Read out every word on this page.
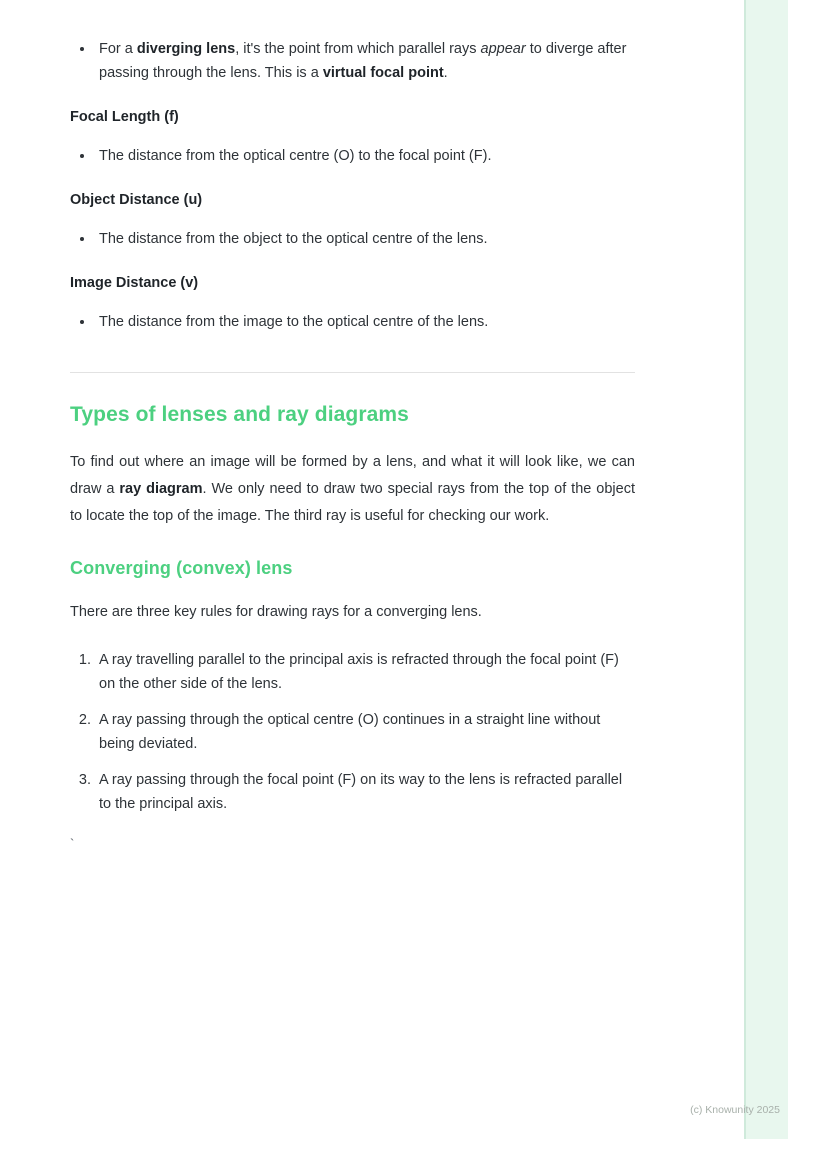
• For a diverging lens, it's the point from which parallel rays appear to diverge after passing through the lens. This is a virtual focal point.

Focal Length (f)

• The distance from the optical centre (O) to the focal point (F).

Object Distance (u)

• The distance from the object to the optical centre of the lens.

Image Distance (v)

• The distance from the image to the optical centre of the lens.
Types of lenses and ray diagrams

To find out where an image will be formed by a lens, and what it will look like, we can draw a ray diagram. We only need to draw two special rays from the top of the object to locate the top of the image. The third ray is useful for checking our work.

Converging (convex) lens

There are three key rules for drawing rays for a converging lens.

1. A ray travelling parallel to the principal axis is refracted through the focal point (F) on the other side of the lens.
2. A ray passing through the optical centre (O) continues in a straight line without being deviated.
3. A ray passing through the focal point (F) on its way to the lens is refracted parallel to the principal axis.

`

(c) Knowunity 2025
